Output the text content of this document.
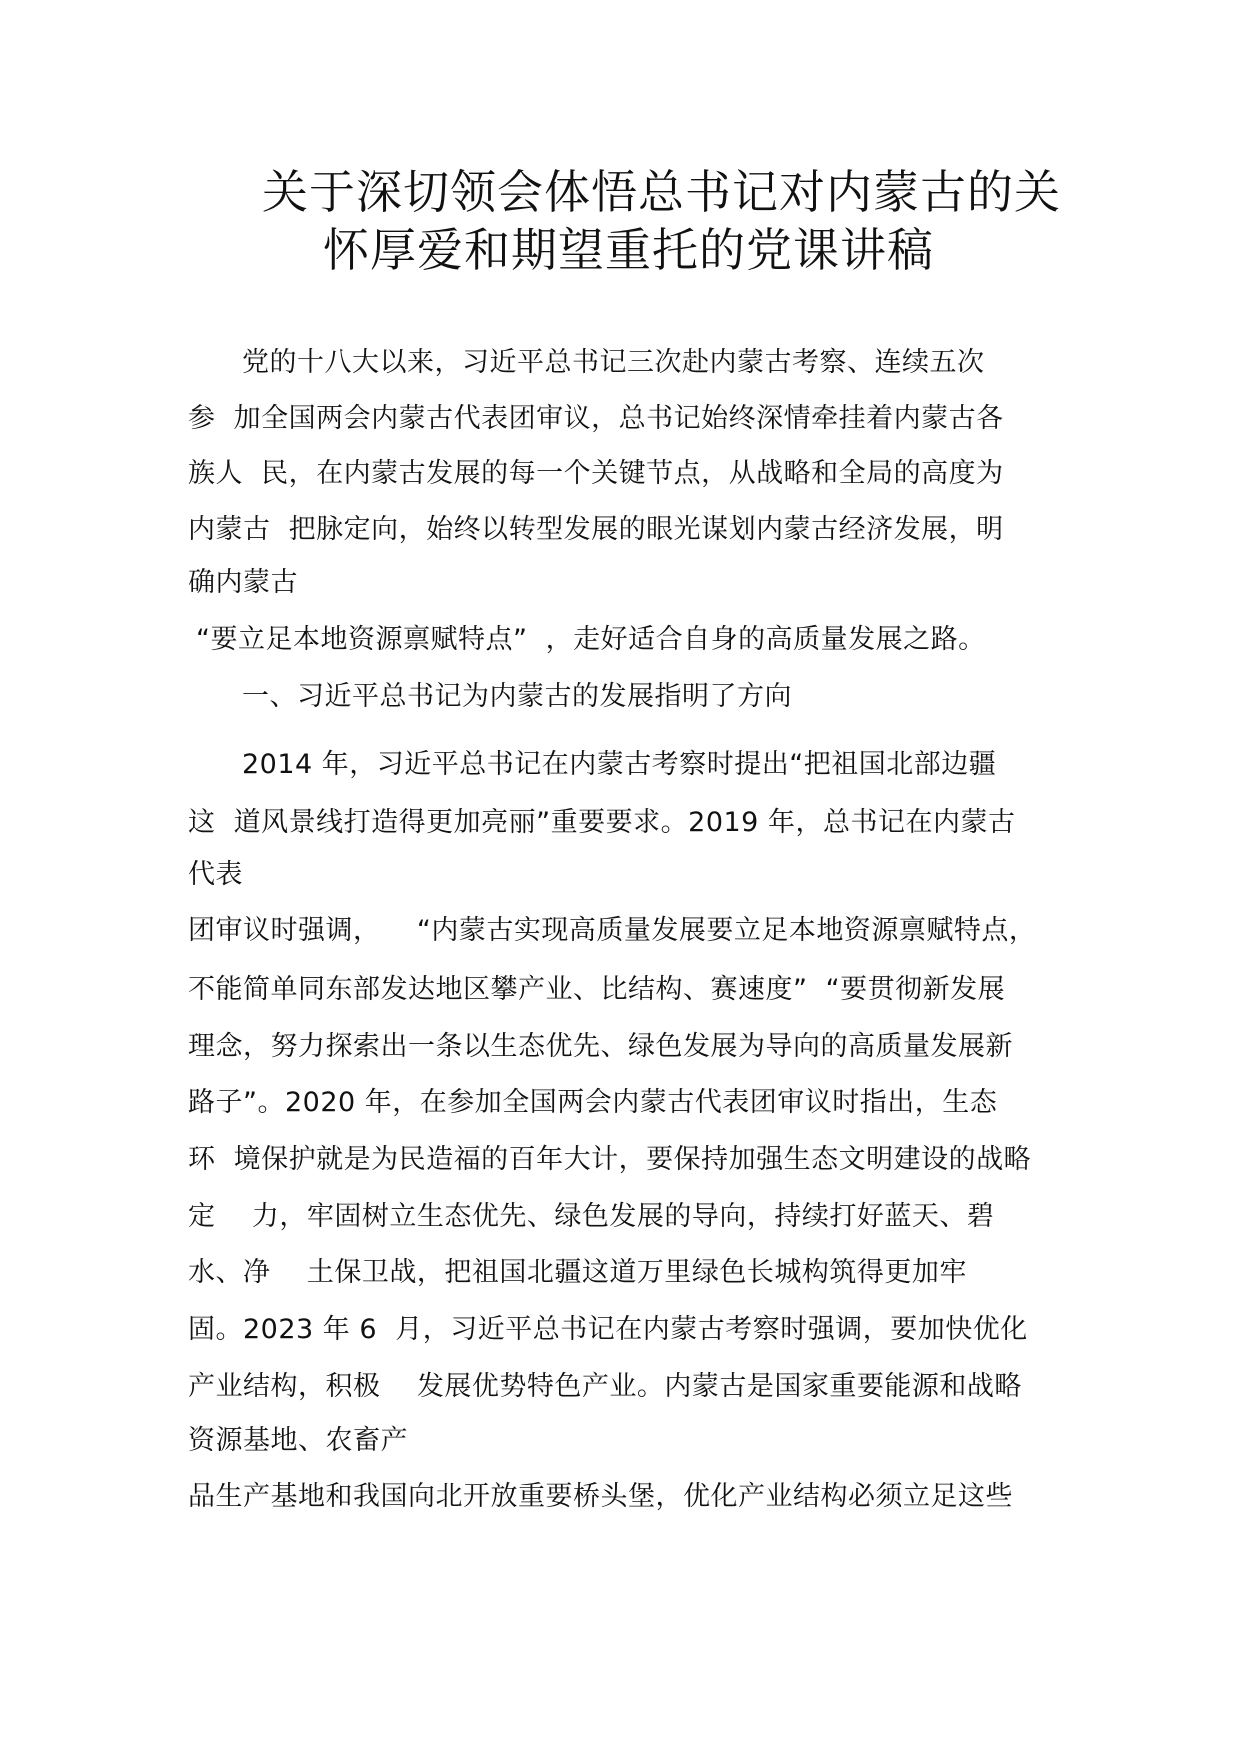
关于深切领会体悟总书记对内蒙古的关
怀厚爱和期望重托的党课讲稿
党的十八大以来，习近平总书记三次赴内蒙古考察、连续五次
参  加全国两会内蒙古代表团审议，总书记始终深情牵挂着内蒙古各
族人  民，在内蒙古发展的每一个关键节点，从战略和全局的高度为
内蒙古  把脉定向，始终以转型发展的眼光谋划内蒙古经济发展，明
确内蒙古
“要立足本地资源禀赋特点”  ，走好适合自身的高质量发展之路。
一、习近平总书记为内蒙古的发展指明了方向
2014 年，习近平总书记在内蒙古考察时提出“把祖国北部边疆
这  道风景线打造得更加亮丽”重要要求。2019 年，总书记在内蒙古
代表
团审议时强调，    “内蒙古实现高质量发展要立足本地资源禀赋特点，
不能简单同东部发达地区攀产业、比结构、赛速度”  “要贯彻新发展
理念，努力探索出一条以生态优先、绿色发展为导向的高质量发展新
路子”。2020 年，在参加全国两会内蒙古代表团审议时指出，生态
环  境保护就是为民造福的百年大计，要保持加强生态文明建设的战略
定    力，牢固树立生态优先、绿色发展的导向，持续打好蓝天、碧
水、净    土保卫战，把祖国北疆这道万里绿色长城构筑得更加牢
固。2023 年 6  月，习近平总书记在内蒙古考察时强调，要加快优化
产业结构，积极    发展优势特色产业。内蒙古是国家重要能源和战略
资源基地、农畜产
品生产基地和我国向北开放重要桥头堡，优化产业结构必须立足这些
